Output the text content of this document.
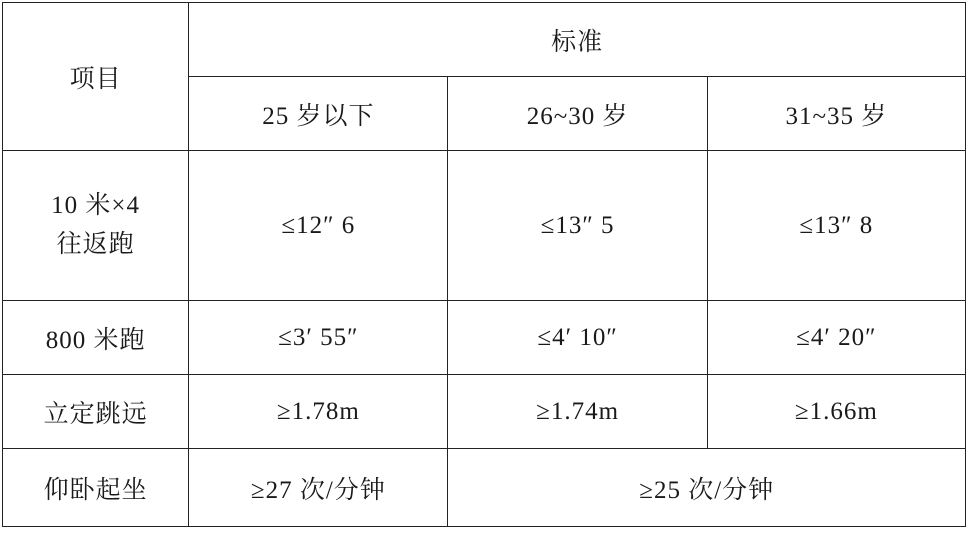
项目	标准		
	25 岁以下	26~30 岁	31~35 岁

10 米×4
往返跑	≤12″ 6	≤13″ 5	≤13″ 8
800 米跑	≤3′ 55″	≤4′ 10″	≤4′ 20″
立定跳远	≥1.78m	≥1.74m	≥1.66m
仰卧起坐	≥27 次/分钟	≥25 次/分钟	
